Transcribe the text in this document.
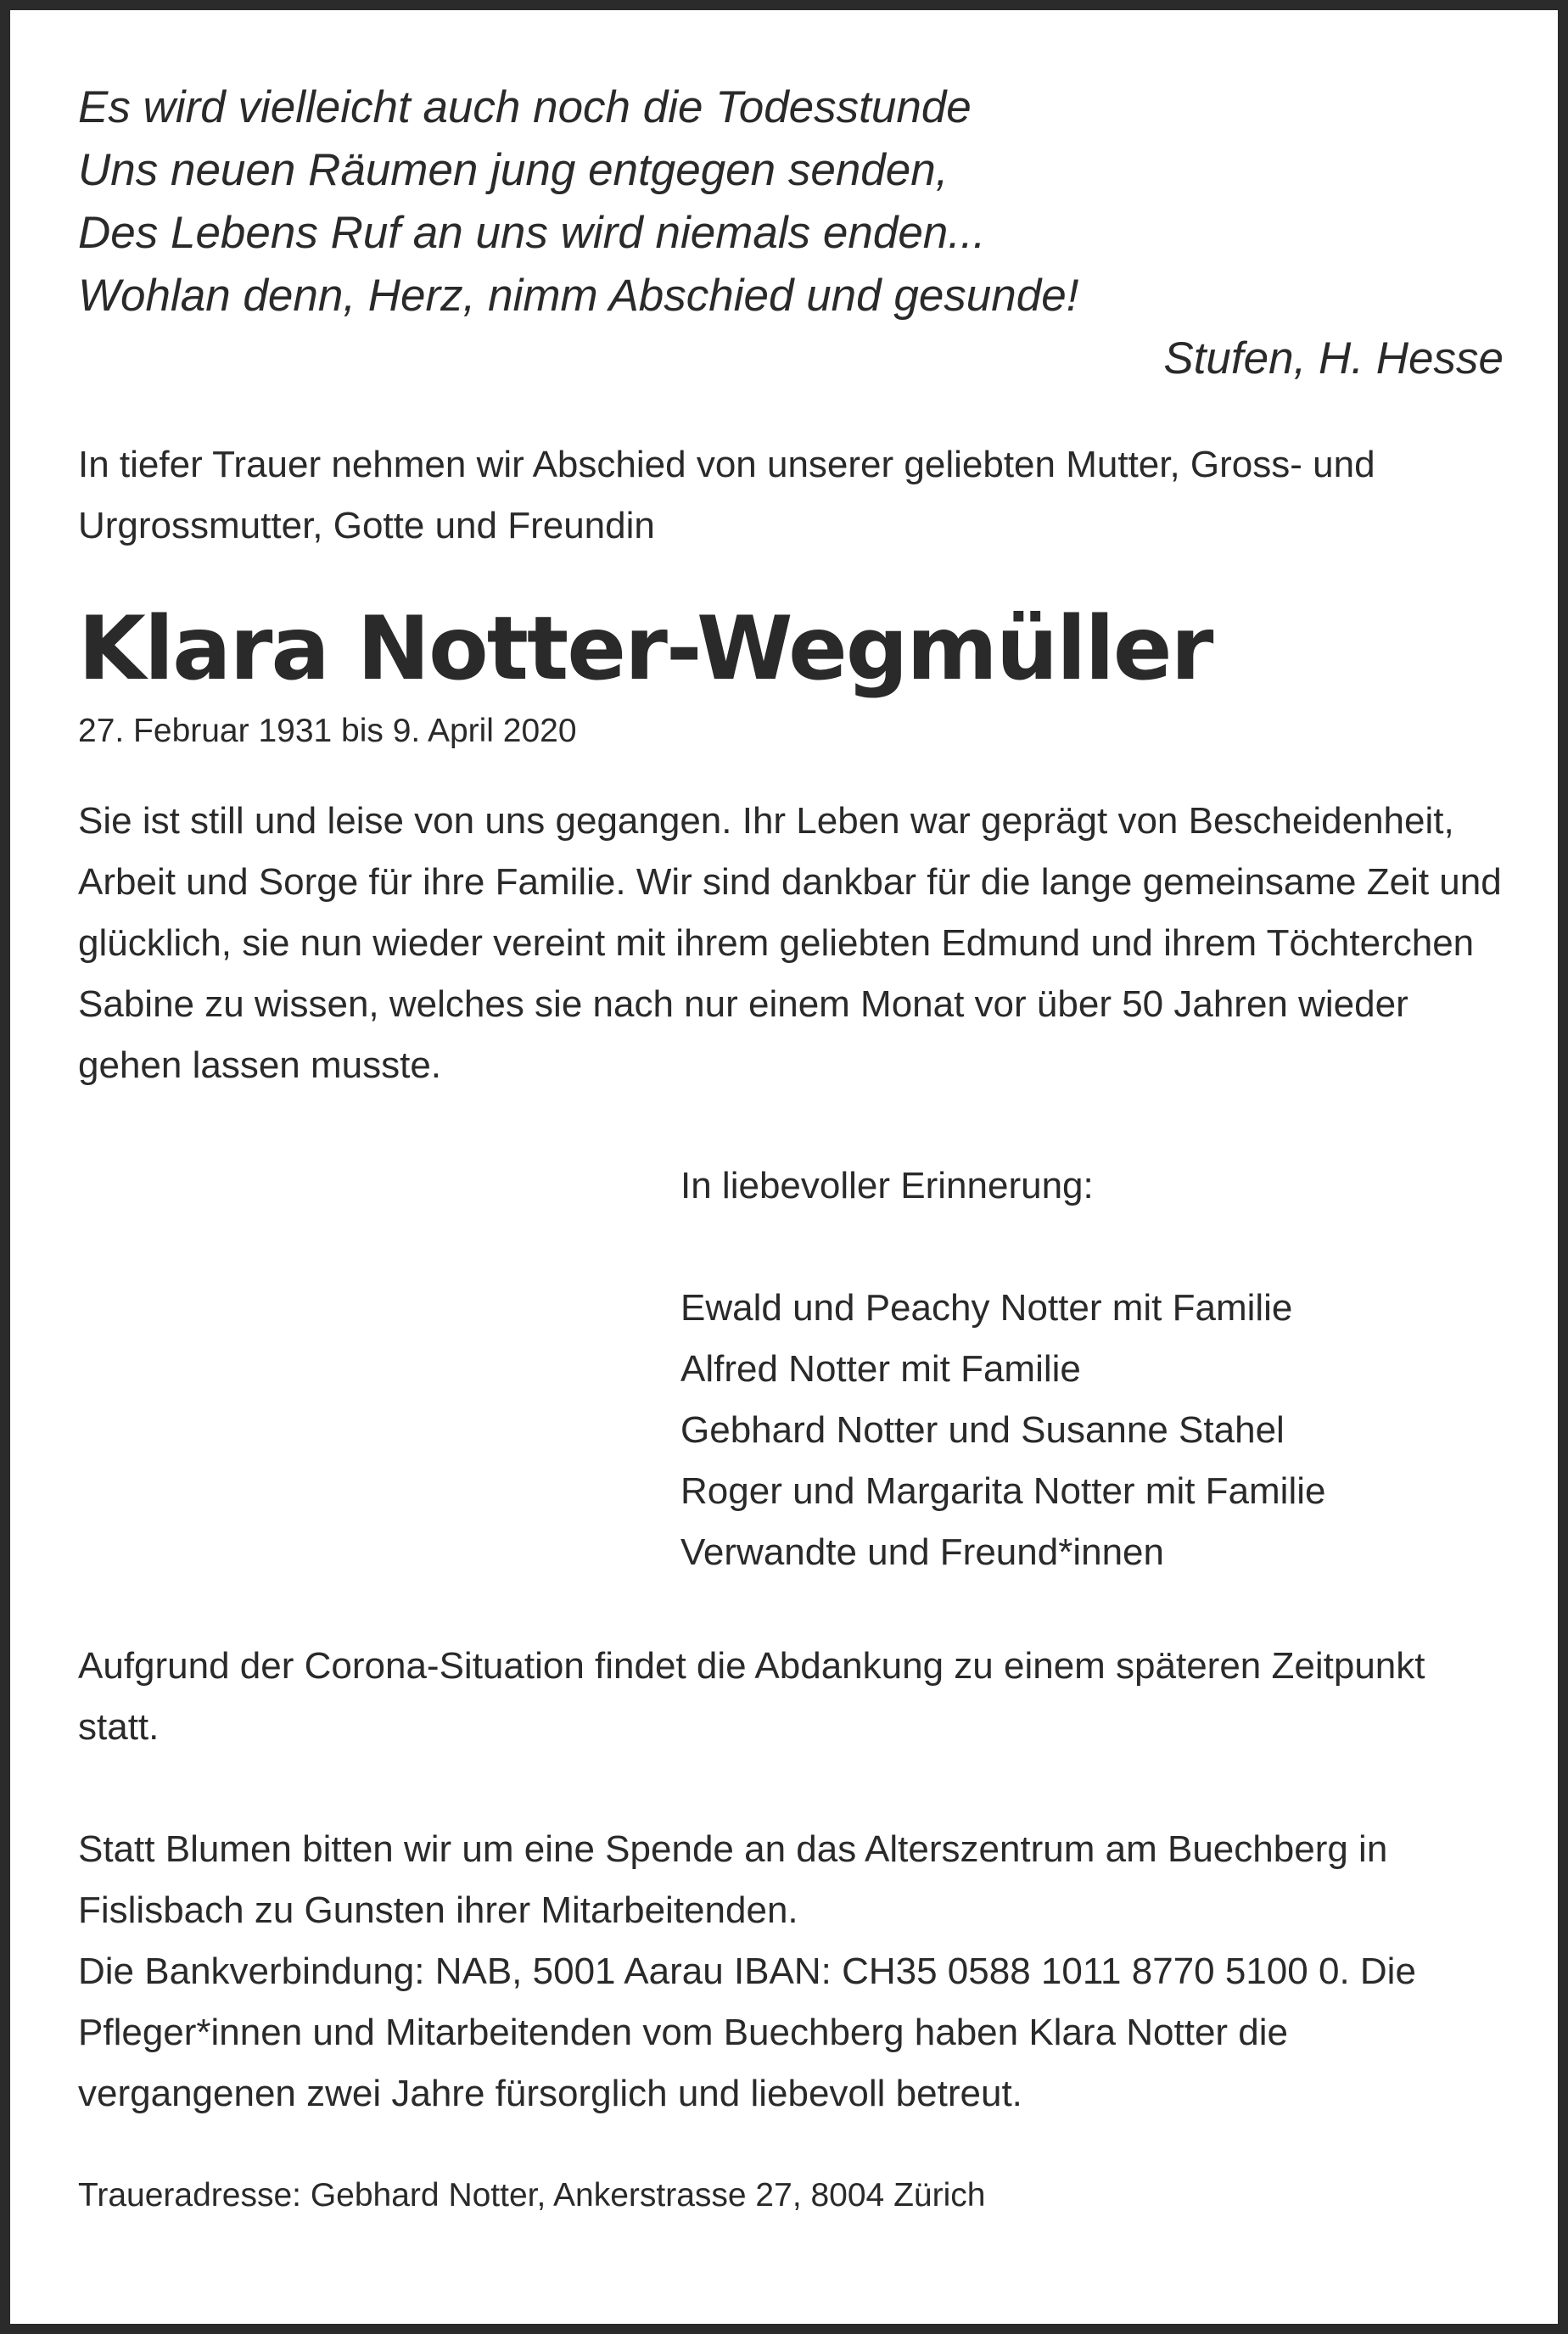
Es wird vielleicht auch noch die Todesstunde
Uns neuen Räumen jung entgegen senden,
Des Lebens Ruf an uns wird niemals enden...
Wohlan denn, Herz, nimm Abschied und gesunde!
Stufen, H. Hesse

In tiefer Trauer nehmen wir Abschied von unserer geliebten Mutter, Gross- und Urgrossmutter, Gotte und Freundin

Klara Notter-Wegmüller

27. Februar 1931 bis 9. April 2020

Sie ist still und leise von uns gegangen. Ihr Leben war geprägt von Bescheidenheit, Arbeit und Sorge für ihre Familie. Wir sind dankbar für die lange gemeinsame Zeit und glücklich, sie nun wieder vereint mit ihrem geliebten Edmund und ihrem Töchterchen Sabine zu wissen, welches sie nach nur einem Monat vor über 50 Jahren wieder gehen lassen musste.

In liebevoller Erinnerung:
Ewald und Peachy Notter mit Familie
Alfred Notter mit Familie
Gebhard Notter und Susanne Stahel
Roger und Margarita Notter mit Familie
Verwandte und Freund*innen

Aufgrund der Corona-Situation findet die Abdankung zu einem späteren Zeitpunkt statt.

Statt Blumen bitten wir um eine Spende an das Alterszentrum am Buechberg in Fislisbach zu Gunsten ihrer Mitarbeitenden.

Die Bankverbindung: NAB, 5001 Aarau IBAN: CH35 0588 1011 8770 5100 0. Die Pfleger*innen und Mitarbeitenden vom Buechberg haben Klara Notter die vergangenen zwei Jahre fürsorglich und liebevoll betreut.

Traueradresse: Gebhard Notter, Ankerstrasse 27, 8004 Zürich
